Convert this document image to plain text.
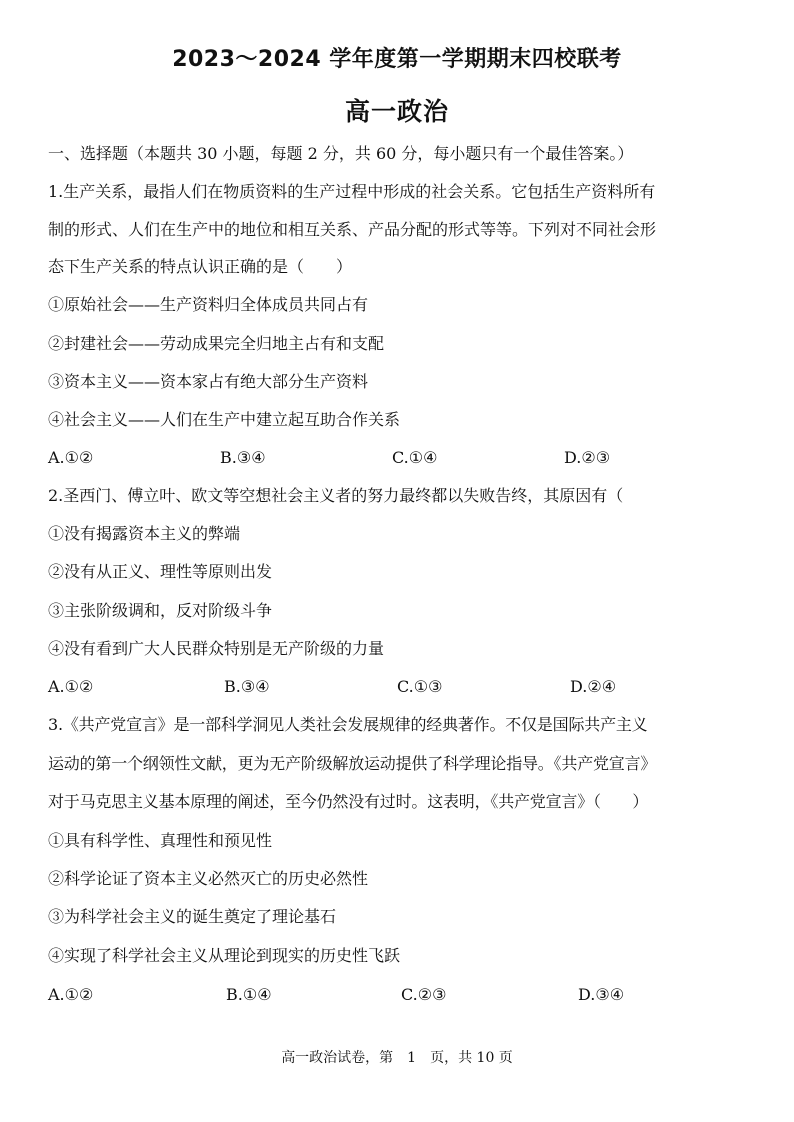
2023～2024 学年度第一学期期末四校联考
高一政治
一、选择题（本题共 30 小题，每题 2 分，共 60 分，每小题只有一个最佳答案。）
1.生产关系，最指人们在物质资料的生产过程中形成的社会关系。它包括生产资料所有
制的形式、人们在生产中的地位和相互关系、产品分配的形式等等。下列对不同社会形
态下生产关系的特点认识正确的是（　　）
①原始社会——生产资料归全体成员共同占有
②封建社会——劳动成果完全归地主占有和支配
③资本主义——资本家占有绝大部分生产资料
④社会主义——人们在生产中建立起互助合作关系
A.①②	B.③④	C.①④	D.②③
2.圣西门、傅立叶、欧文等空想社会主义者的努力最终都以失败告终，其原因有（
①没有揭露资本主义的弊端
②没有从正义、理性等原则出发
③主张阶级调和，反对阶级斗争
④没有看到广大人民群众特别是无产阶级的力量
A.①②	B.③④	C.①③	D.②④
3.《共产党宣言》是一部科学洞见人类社会发展规律的经典著作。不仅是国际共产主义
运动的第一个纲领性文献，更为无产阶级解放运动提供了科学理论指导。《共产党宣言》
对于马克思主义基本原理的阐述，至今仍然没有过时。这表明，《共产党宣言》（　　）
①具有科学性、真理性和预见性
②科学论证了资本主义必然灭亡的历史必然性
③为科学社会主义的诞生奠定了理论基石
④实现了科学社会主义从理论到现实的历史性飞跃
A.①②	B.①④	C.②③	D.③④
高一政治试卷，第　1　页，共 10 页
